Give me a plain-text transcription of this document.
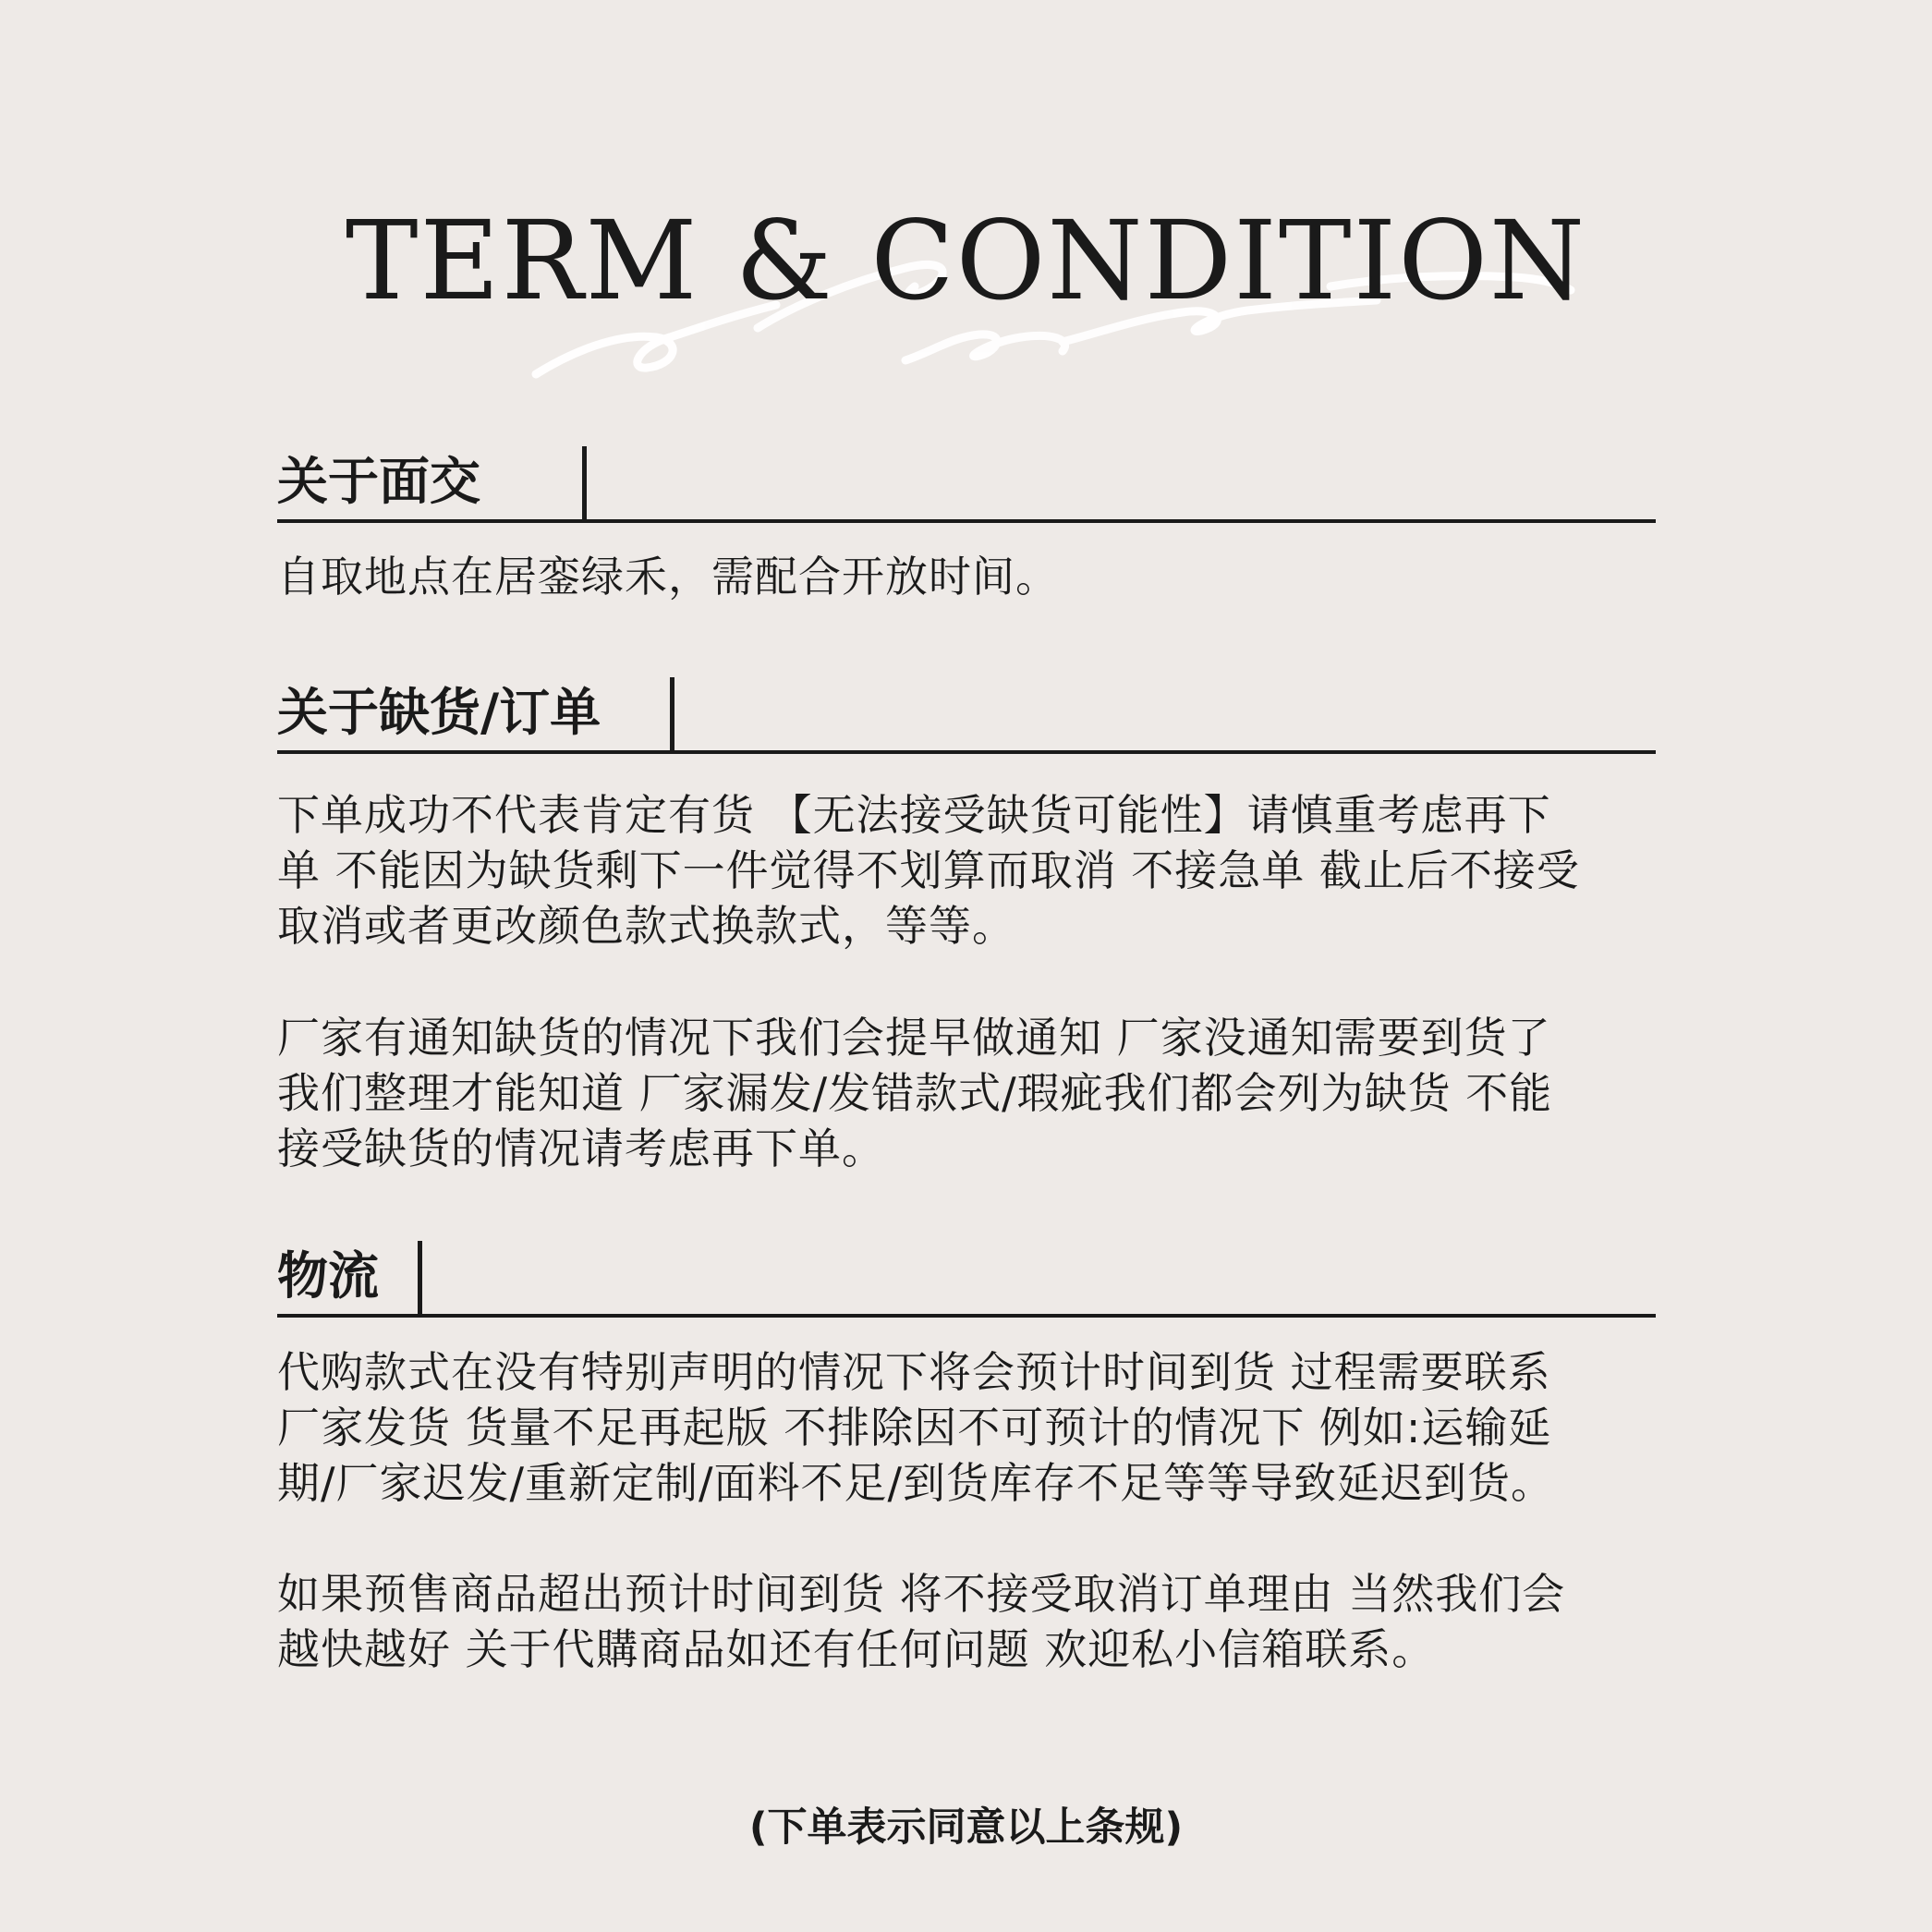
TERM & CONDITION
关于面交

自取地点在居銮绿禾，需配合开放时间。

关于缺货/订单

下单成功不代表肯定有货 【无法接受缺货可能性】请慎重考虑再下
单 不能因为缺货剩下一件觉得不划算而取消 不接急单 截止后不接受
取消或者更改颜色款式换款式，等等。

厂家有通知缺货的情况下我们会提早做通知 厂家没通知需要到货了
我们整理才能知道 厂家漏发/发错款式/瑕疵我们都会列为缺货 不能
接受缺货的情况请考虑再下单。

物流

代购款式在没有特别声明的情况下将会预计时间到货 过程需要联系
厂家发货 货量不足再起版 不排除因不可预计的情况下 例如:运输延
期/厂家迟发/重新定制/面料不足/到货库存不足等等导致延迟到货。

如果预售商品超出预计时间到货 将不接受取消订单理由 当然我们会
越快越好 关于代購商品如还有任何问题 欢迎私小信箱联系。

(下单表示同意以上条规)
